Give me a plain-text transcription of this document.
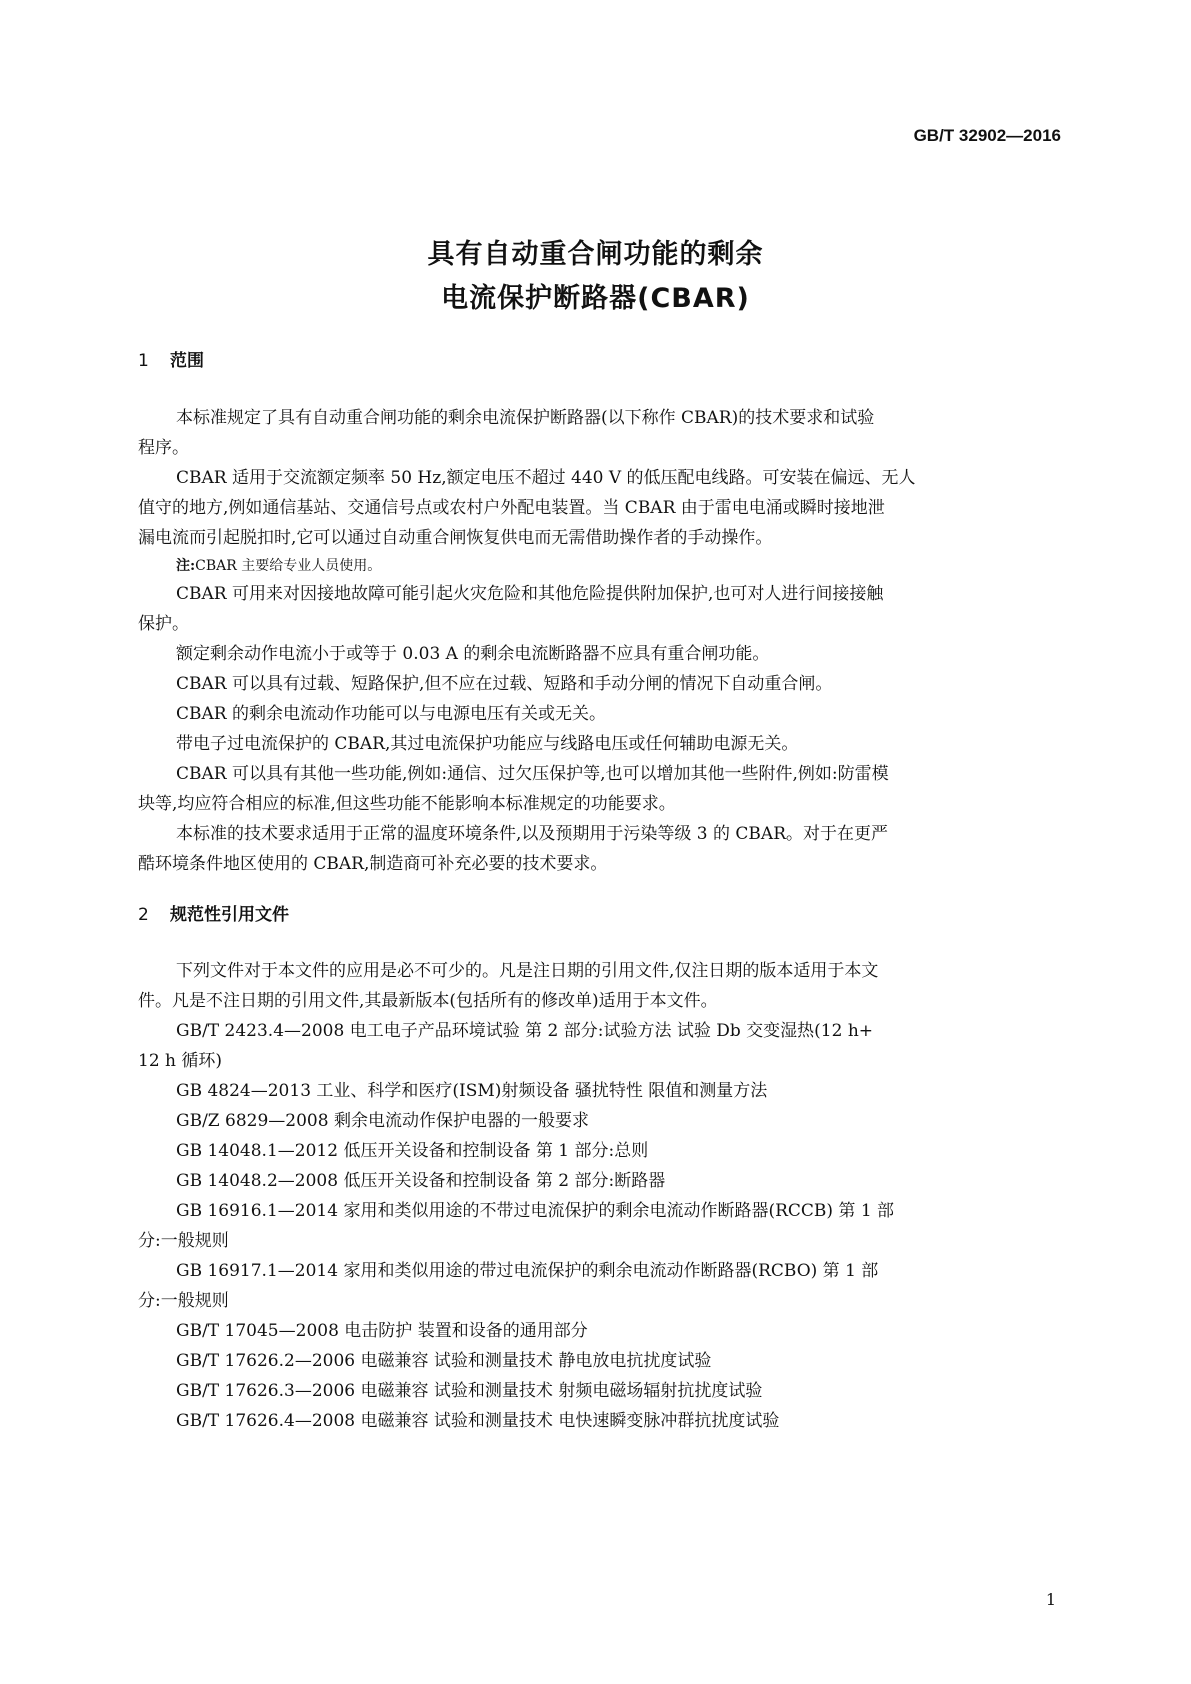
GB/T 32902—2016
具有自动重合闸功能的剩余
电流保护断路器(CBAR)
1 范围
本标准规定了具有自动重合闸功能的剩余电流保护断路器(以下称作 CBAR)的技术要求和试验
程序。
CBAR 适用于交流额定频率 50 Hz,额定电压不超过 440 V 的低压配电线路。可安装在偏远、无人
值守的地方,例如通信基站、交通信号点或农村户外配电装置。当 CBAR 由于雷电电涌或瞬时接地泄
漏电流而引起脱扣时,它可以通过自动重合闸恢复供电而无需借助操作者的手动操作。
注:CBAR 主要给专业人员使用。
CBAR 可用来对因接地故障可能引起火灾危险和其他危险提供附加保护,也可对人进行间接接触
保护。
额定剩余动作电流小于或等于 0.03 A 的剩余电流断路器不应具有重合闸功能。
CBAR 可以具有过载、短路保护,但不应在过载、短路和手动分闸的情况下自动重合闸。
CBAR 的剩余电流动作功能可以与电源电压有关或无关。
带电子过电流保护的 CBAR,其过电流保护功能应与线路电压或任何辅助电源无关。
CBAR 可以具有其他一些功能,例如:通信、过欠压保护等,也可以增加其他一些附件,例如:防雷模
块等,均应符合相应的标准,但这些功能不能影响本标准规定的功能要求。
本标准的技术要求适用于正常的温度环境条件,以及预期用于污染等级 3 的 CBAR。对于在更严
酷环境条件地区使用的 CBAR,制造商可补充必要的技术要求。
2 规范性引用文件
下列文件对于本文件的应用是必不可少的。凡是注日期的引用文件,仅注日期的版本适用于本文
件。凡是不注日期的引用文件,其最新版本(包括所有的修改单)适用于本文件。
GB/T 2423.4—2008 电工电子产品环境试验 第 2 部分:试验方法 试验 Db 交变湿热(12 h+
12 h 循环)
GB 4824—2013 工业、科学和医疗(ISM)射频设备 骚扰特性 限值和测量方法
GB/Z 6829—2008 剩余电流动作保护电器的一般要求
GB 14048.1—2012 低压开关设备和控制设备 第 1 部分:总则
GB 14048.2—2008 低压开关设备和控制设备 第 2 部分:断路器
GB 16916.1—2014 家用和类似用途的不带过电流保护的剩余电流动作断路器(RCCB) 第 1 部
分:一般规则
GB 16917.1—2014 家用和类似用途的带过电流保护的剩余电流动作断路器(RCBO) 第 1 部
分:一般规则
GB/T 17045—2008 电击防护 装置和设备的通用部分
GB/T 17626.2—2006 电磁兼容 试验和测量技术 静电放电抗扰度试验
GB/T 17626.3—2006 电磁兼容 试验和测量技术 射频电磁场辐射抗扰度试验
GB/T 17626.4—2008 电磁兼容 试验和测量技术 电快速瞬变脉冲群抗扰度试验
1
